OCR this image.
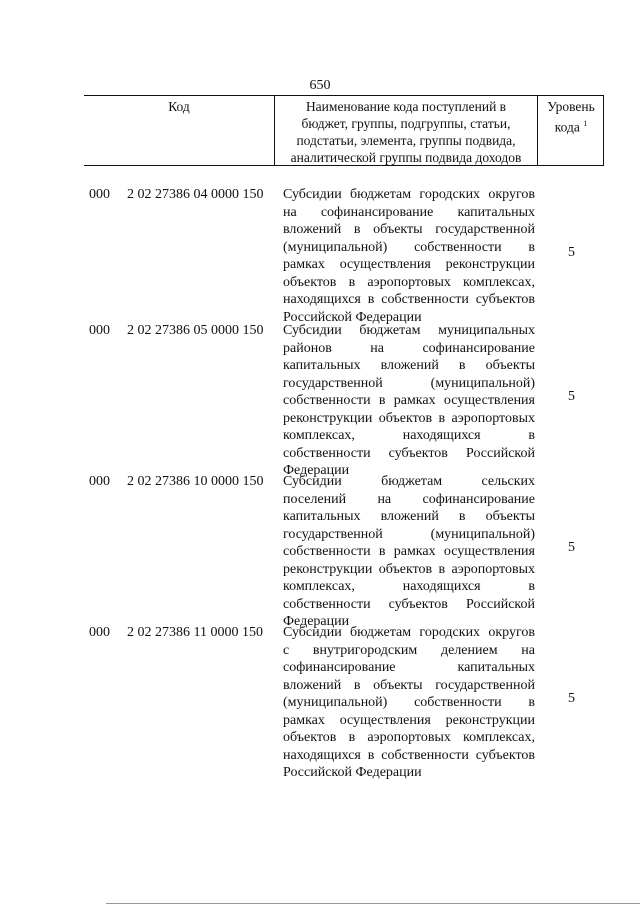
650
Код	Наименование кода поступлений в
бюджет, группы, подгруппы, статьи,
подстатьи, элемента, группы подвида,
аналитической группы подвида доходов
Уровень
кода $^1$
000 2 02 27386 04 0000 150 Субсидии бюджетам городских округов
на софинансирование капитальных
вложений в объекты государственной
(муниципальной) собственности в
рамках осуществления реконструкции
объектов в аэропортовых комплексах,
находящихся в собственности субъектов
Российской Федерации
5
000 2 02 27386 05 0000 150 Субсидии бюджетам муниципальных
районов на софинансирование
капитальных вложений в объекты
государственной (муниципальной)
собственности в рамках осуществления
реконструкции объектов в аэропортовых
комплексах, находящихся в
собственности субъектов Российской
Федерации
5
000 2 02 27386 10 0000 150 Субсидии бюджетам сельских
поселений на софинансирование
капитальных вложений в объекты
государственной (муниципальной)
собственности в рамках осуществления
реконструкции объектов в аэропортовых
комплексах, находящихся в
собственности субъектов Российской
Федерации
5
000 2 02 27386 11 0000 150 Субсидии бюджетам городских округов
с внутригородским делением на
софинансирование капитальных
вложений в объекты государственной
(муниципальной) собственности в
рамках осуществления реконструкции
объектов в аэропортовых комплексах,
находящихся в собственности субъектов
Российской Федерации
5
